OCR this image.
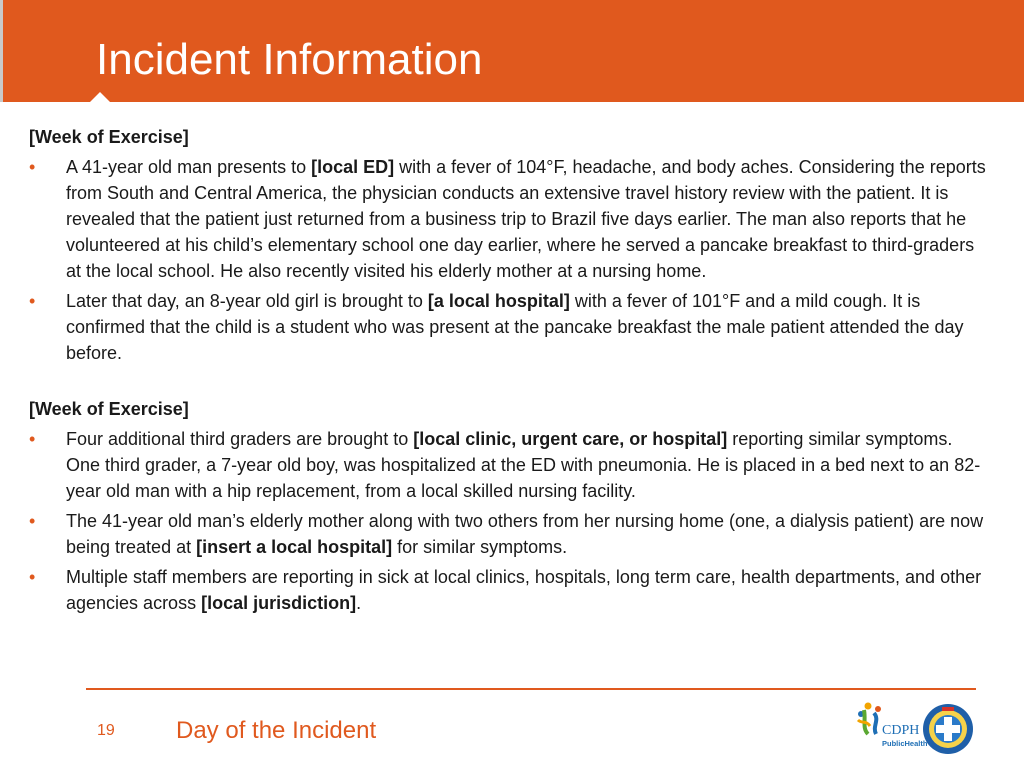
Incident Information

[Week of Exercise]

• A 41-year old man presents to [local ED] with a fever of 104°F, headache, and body aches. Considering the reports from South and Central America, the physician conducts an extensive travel history review with the patient. It is revealed that the patient just returned from a business trip to Brazil five days earlier. The man also reports that he volunteered at his child’s elementary school one day earlier, where he served a pancake breakfast to third-graders at the local school. He also recently visited his elderly mother at a nursing home.
• Later that day, an 8-year old girl is brought to [a local hospital] with a fever of 101°F and a mild cough. It is confirmed that the child is a student who was present at the pancake breakfast the male patient attended the day before.

[Week of Exercise]

• Four additional third graders are brought to [local clinic, urgent care, or hospital] reporting similar symptoms. One third grader, a 7-year old boy, was hospitalized at the ED with pneumonia. He is placed in a bed next to an 82-year old man with a hip replacement, from a local skilled nursing facility.
• The 41-year old man’s elderly mother along with two others from her nursing home (one, a dialysis patient) are now being treated at [insert a local hospital] for similar symptoms.
• Multiple staff members are reporting in sick at local clinics, hospitals, long term care, health departments, and other agencies across [local jurisdiction].
19	Day of the Incident	CDPH
PublicHealth
